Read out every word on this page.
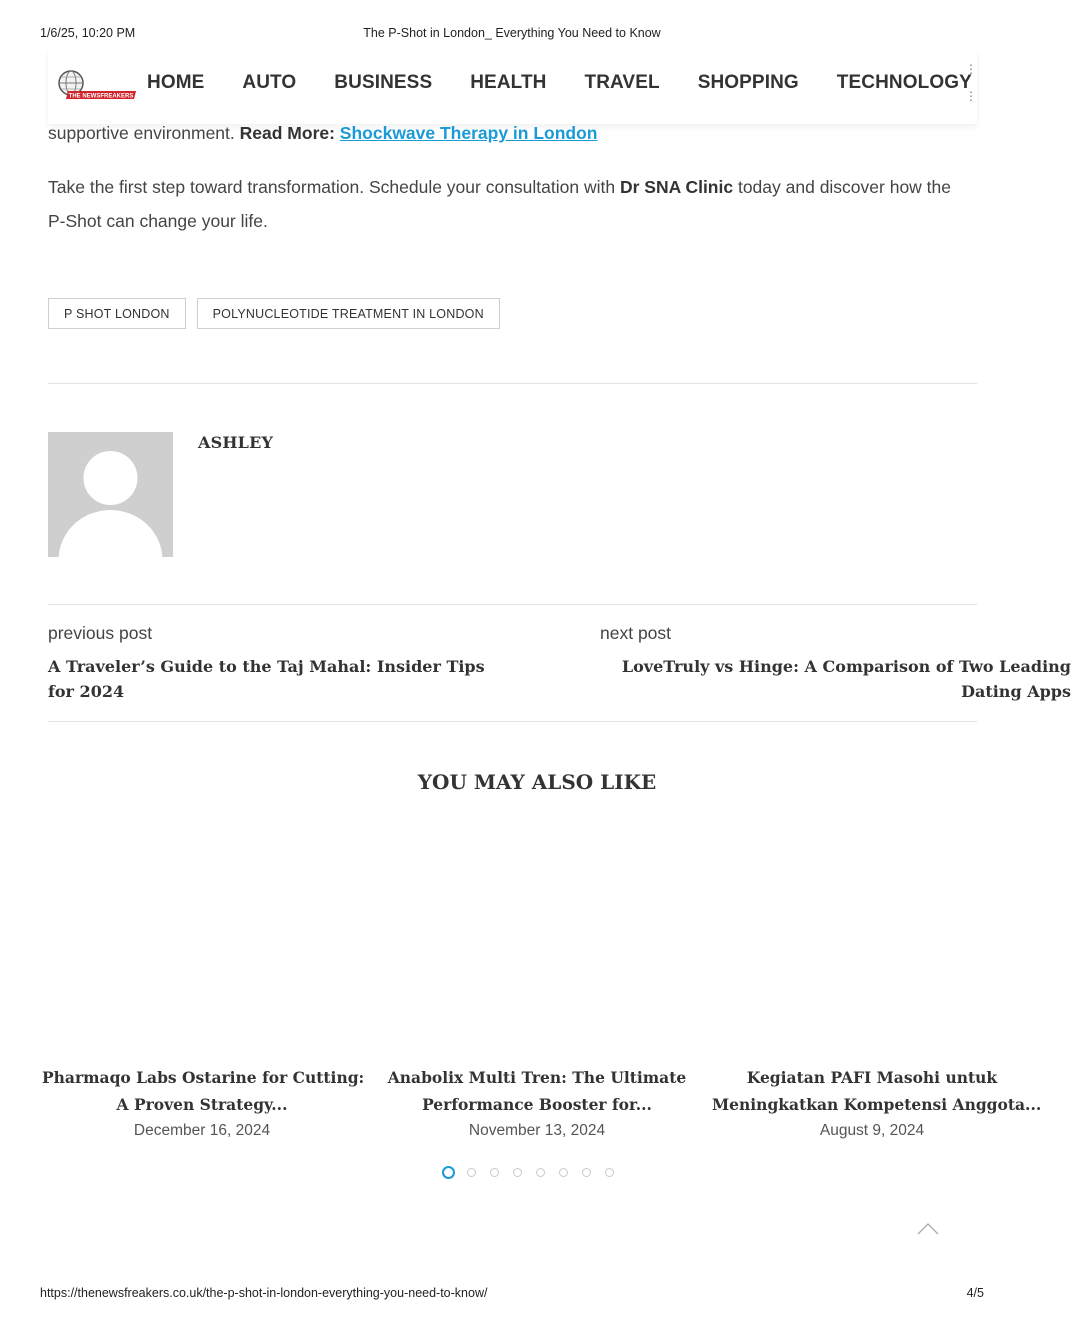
1/6/25, 10:20 PM	The P-Shot in London_ Everything You Need to Know
THE NEWSFREAKERS
HOME AUTO BUSINESS HEALTH TRAVEL SHOPPING TECHNOLOGY
⋮
⋮

supportive environment. Read More: Shockwave Therapy in London

Take the first step toward transformation. Schedule your consultation with Dr SNA Clinic today and discover how the

P-Shot can change your life.

P SHOT LONDON	POLYNUCLEOTIDE TREATMENT IN LONDON
ASHLEY
previous post
A Traveler’s Guide to the Taj Mahal: Insider Tips for 2024
next post
LoveTruly vs Hinge: A Comparison of Two Leading Dating Apps
YOU MAY ALSO LIKE
Pharmaqo Labs Ostarine for Cutting:
A Proven Strategy...
December 16, 2024
Anabolix Multi Tren: The Ultimate
Performance Booster for...
November 13, 2024
Kegiatan PAFI Masohi untuk
Meningkatkan Kompetensi Anggota...
August 9, 2024
https://thenewsfreakers.co.uk/the-p-shot-in-london-everything-you-need-to-know/	4/5
